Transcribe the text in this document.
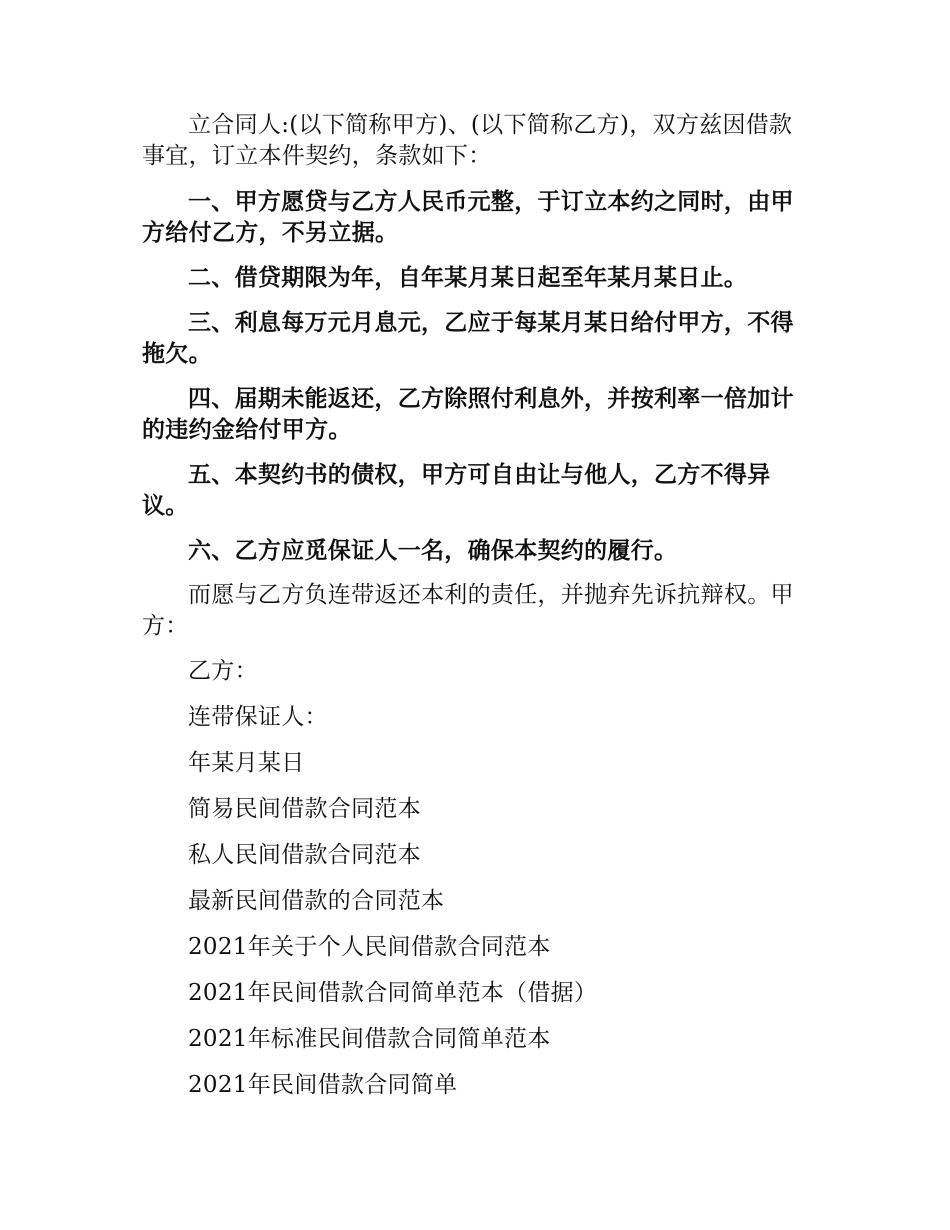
立合同人:(以下简称甲方)、(以下简称乙方)，双方兹因借款事宜，订立本件契约，条款如下：

一、甲方愿贷与乙方人民币元整，于订立本约之同时，由甲方给付乙方，不另立据。

二、借贷期限为年，自年某月某日起至年某月某日止。

三、利息每万元月息元，乙应于每某月某日给付甲方，不得拖欠。

四、届期未能返还，乙方除照付利息外，并按利率一倍加计的违约金给付甲方。

五、本契约书的债权，甲方可自由让与他人，乙方不得异议。

六、乙方应觅保证人一名，确保本契约的履行。

而愿与乙方负连带返还本利的责任，并抛弃先诉抗辩权。甲方：

乙方：

连带保证人：

年某月某日

简易民间借款合同范本

私人民间借款合同范本

最新民间借款的合同范本

2021年关于个人民间借款合同范本

2021年民间借款合同简单范本（借据）

2021年标准民间借款合同简单范本

2021年民间借款合同简单
